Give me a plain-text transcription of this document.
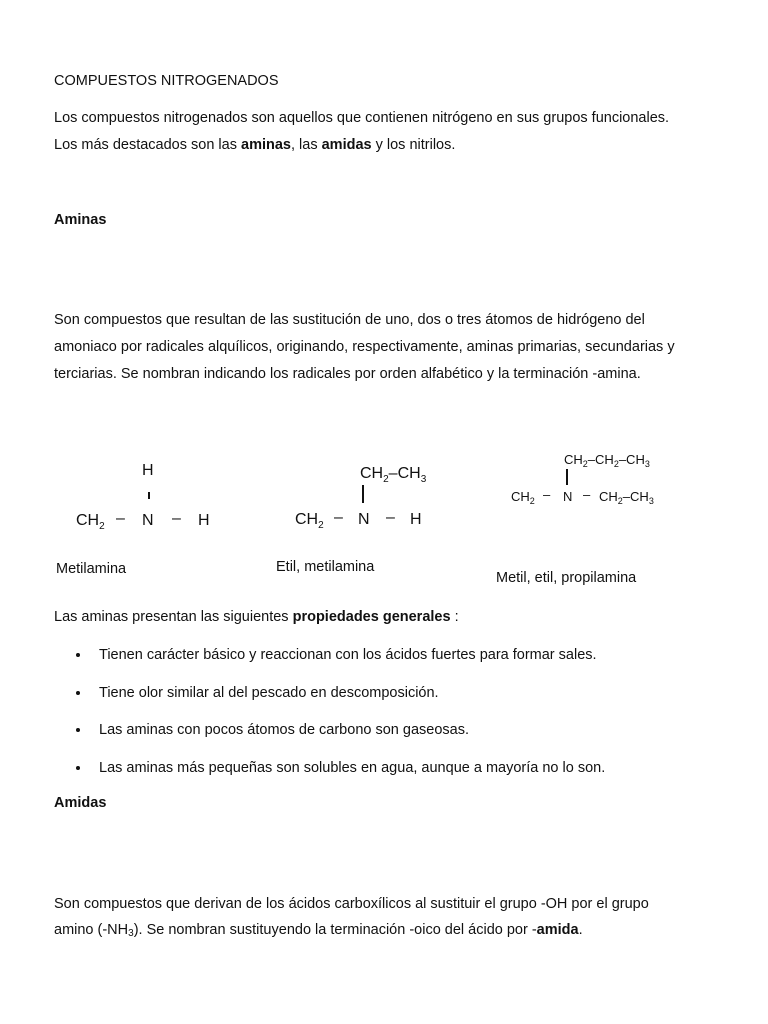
COMPUESTOS NITROGENADOS
Los compuestos nitrogenados son aquellos que contienen nitrógeno en sus grupos funcionales.
Los más destacados son las aminas, las amidas y los nitrilos.
Aminas
Son compuestos que resultan de las sustitución de uno, dos o tres átomos de hidrógeno del
amoniaco por radicales alquílicos, originando, respectivamente, aminas primarias, secundarias y
terciarias. Se nombran indicando los radicales por orden alfabético y la terminación -amina.
H
$CH_2$ – N – H
Metilamina
$CH_2-CH_3$
$CH_2$ – N – H
Etil, metilamina
$CH_2-CH_2-CH_3$
$CH_2$ – N – $CH_2-CH_3$
Metil, etil, propilamina
Las aminas presentan las siguientes propiedades generales :
Tienen carácter básico y reaccionan con los ácidos fuertes para formar sales.
Tiene olor similar al del pescado en descomposición.
Las aminas con pocos átomos de carbono son gaseosas.
Las aminas más pequeñas son solubles en agua, aunque a mayoría no lo son.
Amidas
Son compuestos que derivan de los ácidos carboxílicos al sustituir el grupo -OH por el grupo
amino $(-NH_3)$. Se nombran sustituyendo la terminación -oico del ácido por -amida.
